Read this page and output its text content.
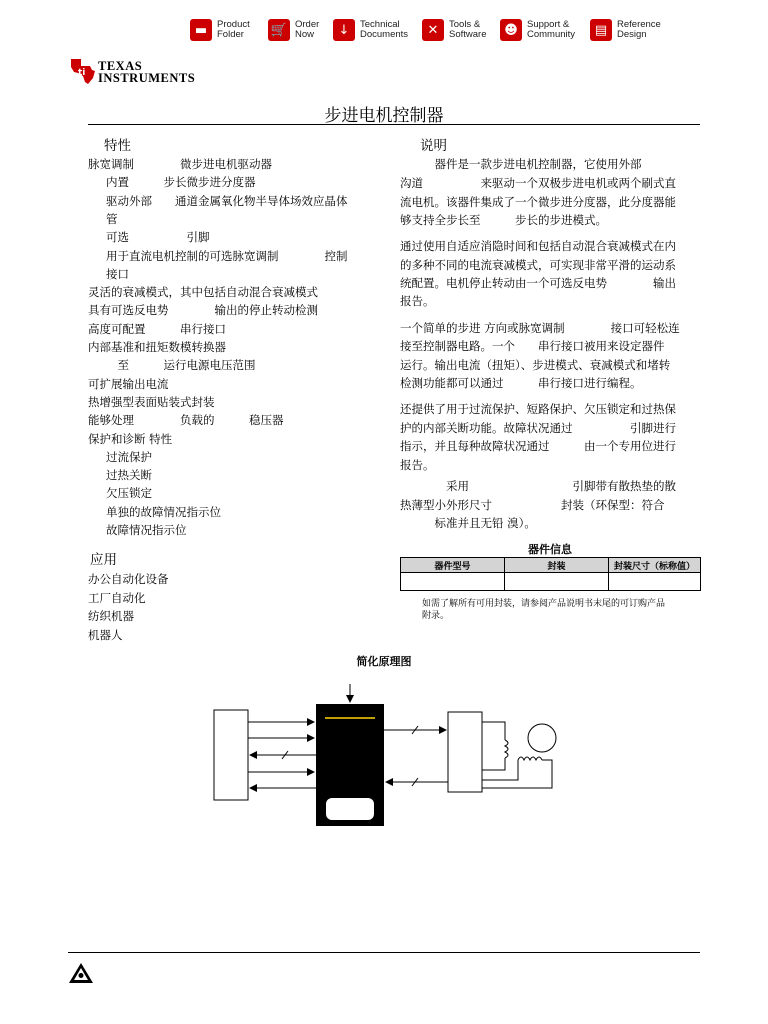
▬	Product
Folder	🛒 Order
Now	↓	Technical
Documents	✕	Tools &
Software	☻ Support &
Community	▤	Reference
Design
ti TEXAS
INSTRUMENTS
步进电机控制器
特性
脉宽调制　　　　微步进电机驱动器
内置　　　步长微步进分度器
驱动外部　　通道金属氧化物半导体场效应晶体
管
可选　　　　　引脚
用于直流电机控制的可选脉宽调制　　　　控制
接口
灵活的衰减模式，其中包括自动混合衰减模式
具有可选反电势　　　　输出的停止转动检测
高度可配置　　　串行接口
内部基准和扭矩数模转换器
　至　　　运行电源电压范围
可扩展输出电流
热增强型表面贴装式封装
能够处理　　　　负载的　　　稳压器
保护和诊断 特性
过流保护
过热关断
欠压锁定
单独的故障情况指示位
故障情况指示位
应用
办公自动化设备
工厂自动化
纺织机器
机器人
说明
　　　器件是一款步进电机控制器，它使用外部
沟道　　　　　来驱动一个双极步进电机或两个刷式直
流电机。该器件集成了一个微步进分度器，此分度器能
够支持全步长至　　　步长的步进模式。
通过使用自适应消隐时间和包括自动混合衰减模式在内
的多种不同的电流衰减模式，可实现非常平滑的运动系
统配置。电机停止转动由一个可选反电势　　　　输出
报告。
一个简单的步进 方向或脉宽调制　　　　接口可轻松连
接至控制器电路。一个　　串行接口被用来设定器件
运行。输出电流（扭矩）、步进模式、衰减模式和堵转
检测功能都可以通过　　　串行接口进行编程。
还提供了用于过流保护、短路保护、欠压锁定和过热保
护的内部关断功能。故障状况通过　　　　　引脚进行
指示，并且每种故障状况通过　　　由一个专用位进行
报告。
　　　　采用　　　　　　　　　引脚带有散热垫的散
热薄型小外形尺寸　　　　　　封装（环保型：符合
　　　标准并且无铅 溴）。
器件信息
器件型号	封装	封装尺寸（标称值）

如需了解所有可用封装，请参阅产品说明书末尾的可订购产品
附录。
简化原理图
